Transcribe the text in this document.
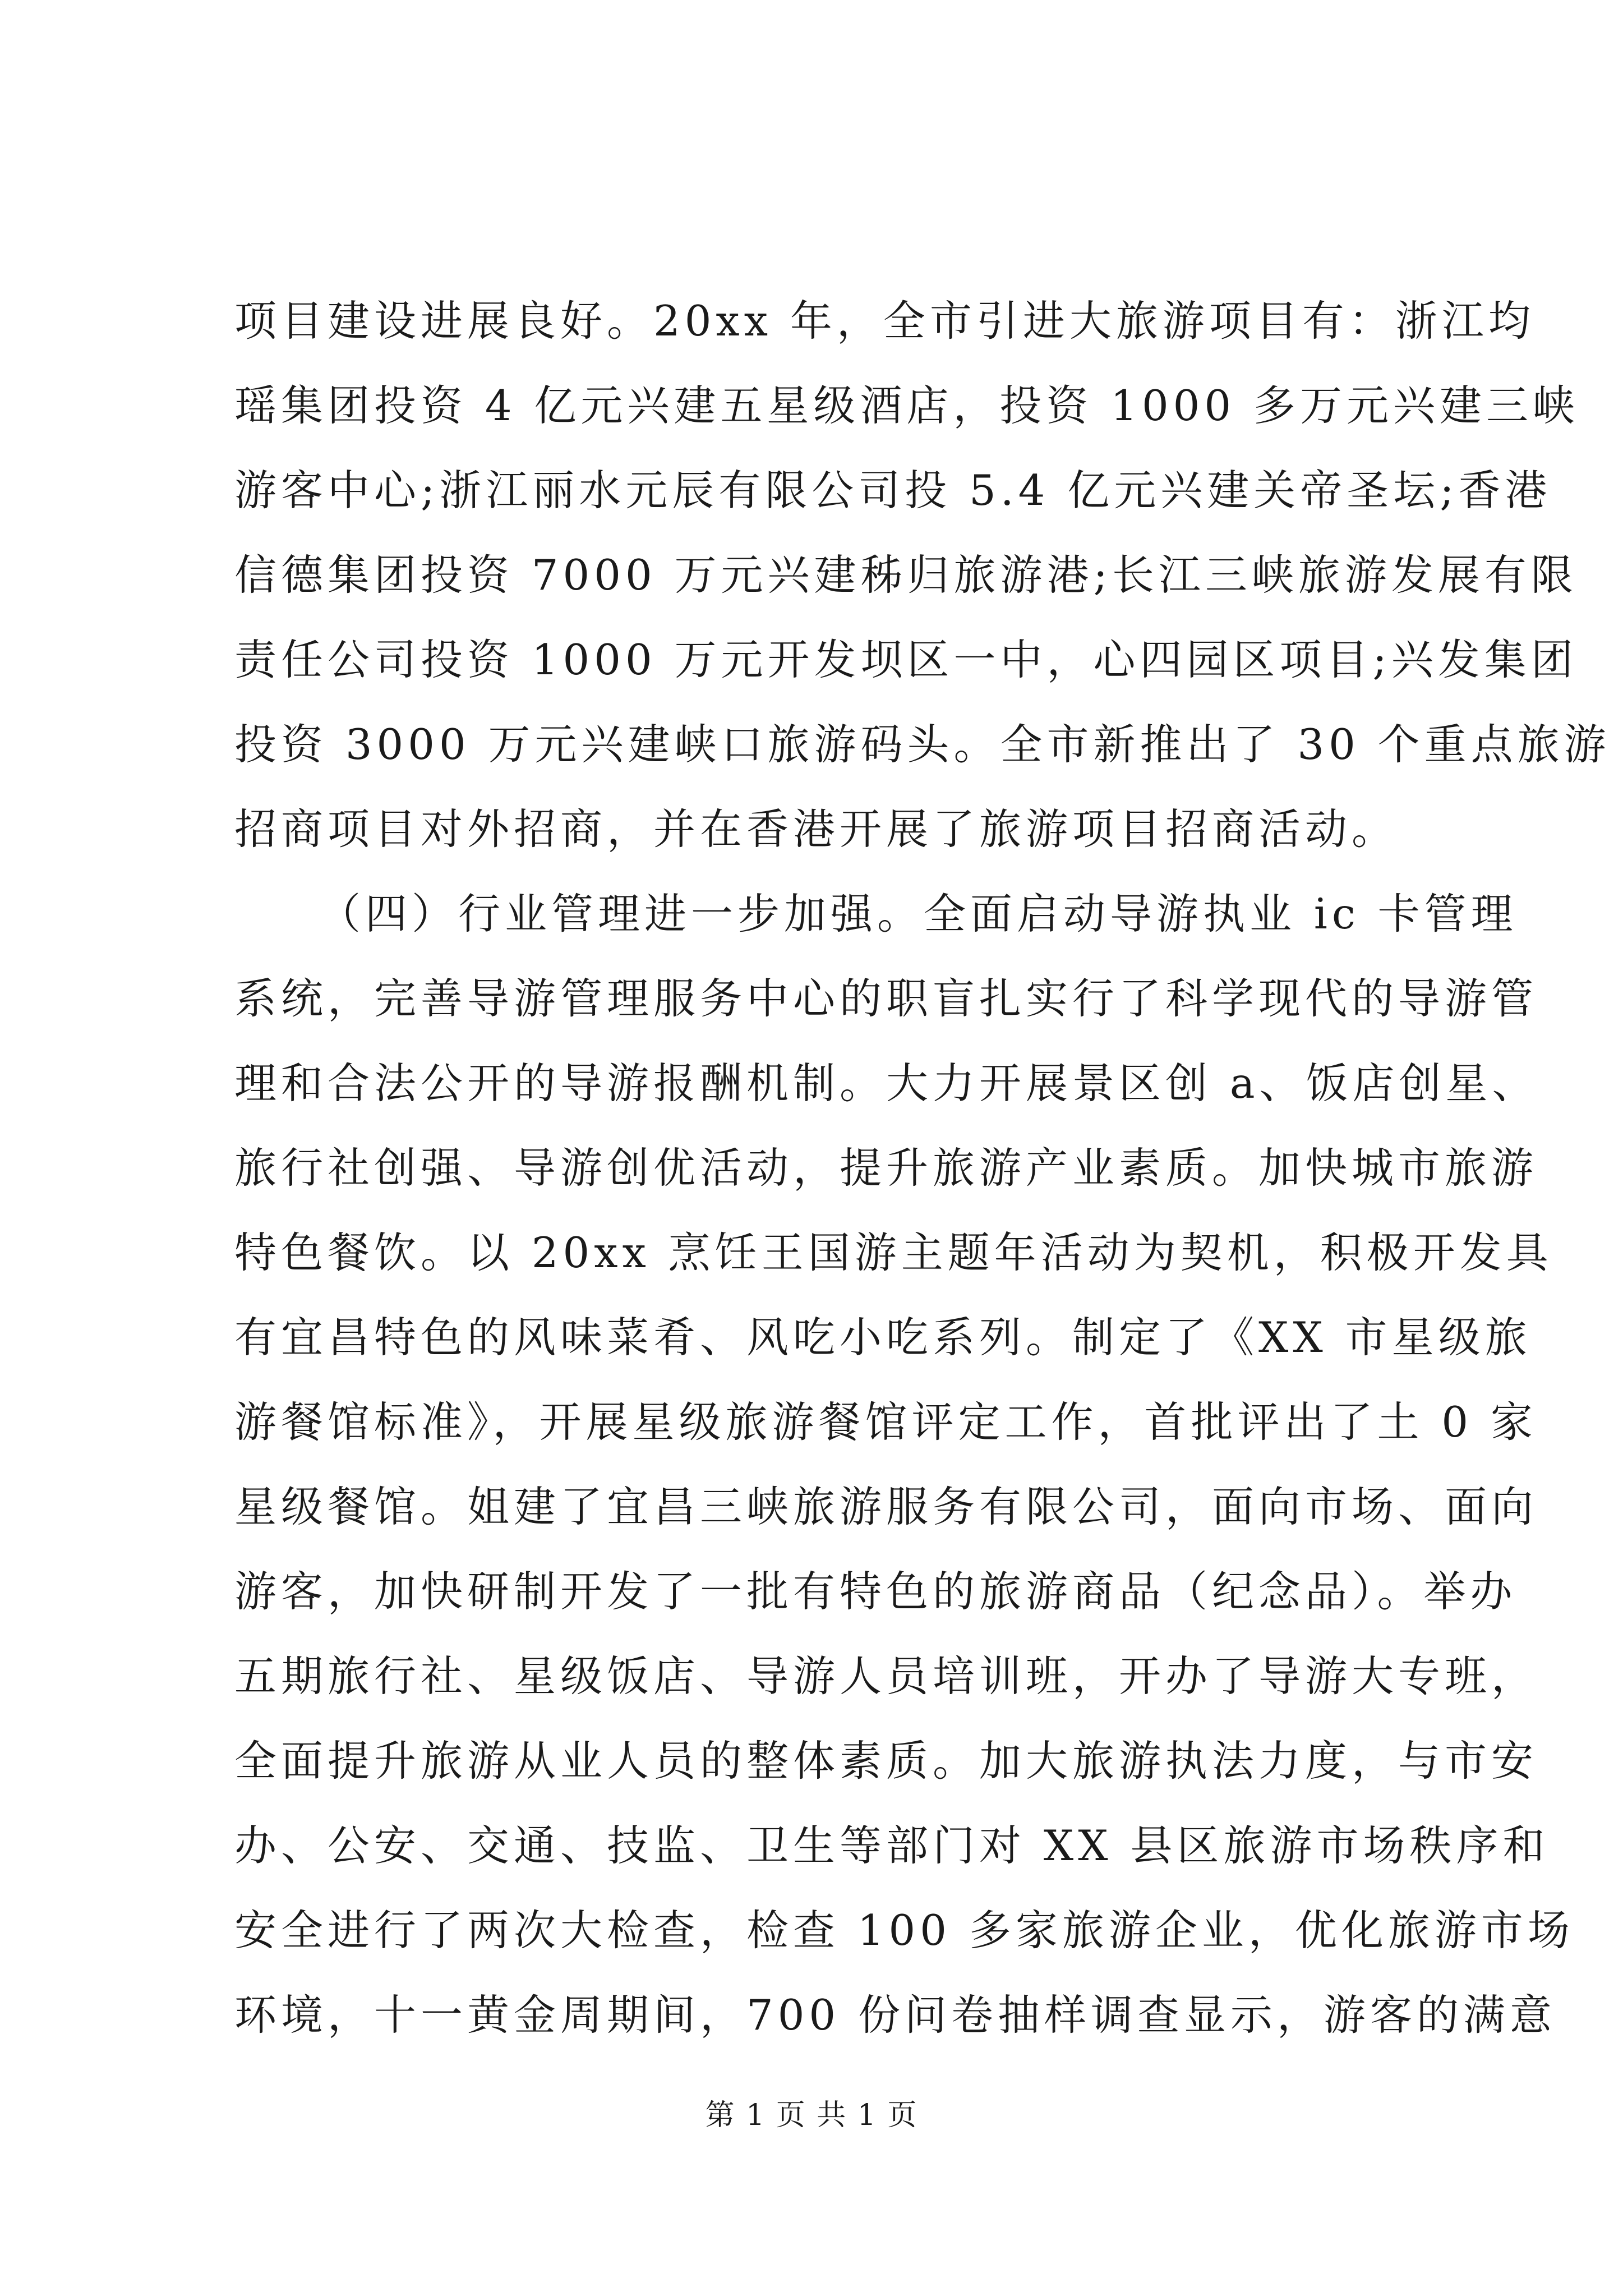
项目建设进展良好。20xx 年，全市引进大旅游项目有：浙江均
瑶集团投资 4 亿元兴建五星级酒店，投资 1000 多万元兴建三峡
游客中心;浙江丽水元辰有限公司投 5.4 亿元兴建关帝圣坛;香港
信德集团投资 7000 万元兴建秭归旅游港;长江三峡旅游发展有限
责任公司投资 1000 万元开发坝区一中，心四园区项目;兴发集团
投资 3000 万元兴建峡口旅游码头。全市新推出了 30 个重点旅游
招商项目对外招商，并在香港开展了旅游项目招商活动。
（四）行业管理进一步加强。全面启动导游执业 ic 卡管理
系统，完善导游管理服务中心的职盲扎实行了科学现代的导游管
理和合法公开的导游报酬机制。大力开展景区创 a、饭店创星、
旅行社创强、导游创优活动，提升旅游产业素质。加快城市旅游
特色餐饮。以 20xx 烹饪王国游主题年活动为契机，积极开发具
有宜昌特色的风味菜肴、风吃小吃系列。制定了《XX 市星级旅
游餐馆标准》，开展星级旅游餐馆评定工作，首批评出了土 0 家
星级餐馆。姐建了宜昌三峡旅游服务有限公司，面向市场、面向
游客，加快研制开发了一批有特色的旅游商品（纪念品）。举办
五期旅行社、星级饭店、导游人员培训班，开办了导游大专班，
全面提升旅游从业人员的整体素质。加大旅游执法力度，与市安
办、公安、交通、技监、卫生等部门对 XX 县区旅游市场秩序和
安全进行了两次大检查，检查 100 多家旅游企业，优化旅游市场
环境，十一黄金周期间，700 份问卷抽样调查显示，游客的满意
第 1 页 共 1 页
